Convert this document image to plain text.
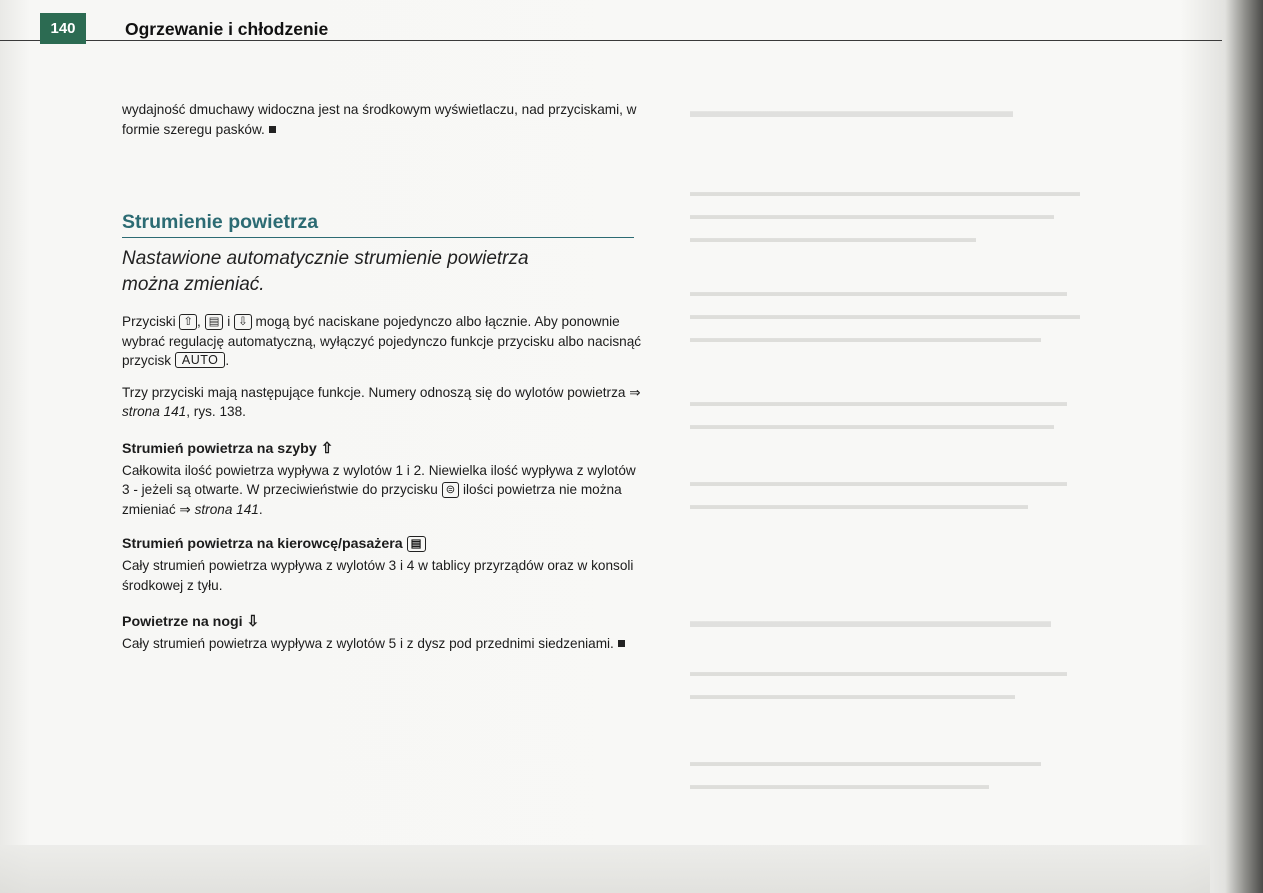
▬▬▬▬▬▬▬▬▬▬▬▬▬▬▬▬▬
▬▬▬▬▬▬▬▬▬▬▬▬▬▬▬▬▬▬▬▬▬▬▬▬▬▬▬▬▬▬
▬▬▬▬▬▬▬▬▬▬▬▬▬▬▬▬▬▬▬▬▬▬▬▬▬▬▬▬
▬▬▬▬▬▬▬▬▬▬▬▬▬▬▬▬▬▬▬▬▬▬
▬▬▬▬▬▬▬▬▬▬▬▬▬▬▬▬▬▬▬▬▬▬▬▬▬▬▬▬▬
▬▬▬▬▬▬▬▬▬▬▬▬▬▬▬▬▬▬▬▬▬▬▬▬▬▬▬▬▬▬
▬▬▬▬▬▬▬▬▬▬▬▬▬▬▬▬▬▬▬▬▬▬▬▬▬▬▬
▬▬▬▬▬▬▬▬▬▬▬▬▬▬▬▬▬▬▬▬▬▬▬▬▬▬▬▬▬
▬▬▬▬▬▬▬▬▬▬▬▬▬▬▬▬▬▬▬▬▬▬▬▬▬▬▬▬
▬▬▬▬▬▬▬▬▬▬▬▬▬▬▬▬▬▬▬▬▬▬▬▬▬▬▬▬▬
▬▬▬▬▬▬▬▬▬▬▬▬▬▬▬▬▬▬▬▬▬▬▬▬▬▬
▬▬▬▬▬▬▬▬▬▬▬▬▬▬▬▬▬▬▬
▬▬▬▬▬▬▬▬▬▬▬▬▬▬▬▬▬▬▬▬▬▬▬▬▬▬▬▬▬
▬▬▬▬▬▬▬▬▬▬▬▬▬▬▬▬▬▬▬▬▬▬▬▬▬
▬▬▬▬▬▬▬▬▬▬▬▬▬▬▬▬▬▬▬▬▬▬▬▬▬▬▬
▬▬▬▬▬▬▬▬▬▬▬▬▬▬▬▬▬▬▬▬▬▬▬
140	Ogrzewanie i chłodzenie

wydajność dmuchawy widoczna jest na środkowym wyświetlaczu, nad przyciskami, w formie szeregu pasków.

Strumienie powietrza
Nastawione automatycznie strumienie powietrza
można zmieniać.

Przyciski ⇧ , ▤ i ⇩ mogą być naciskane pojedynczo albo łącznie. Aby ponownie wybrać regulację automatyczną, wyłączyć pojedynczo funkcje przycisku albo nacisnąć przycisk AUTO .

Trzy przyciski mają następujące funkcje. Numery odnoszą się do wylotów powietrza ⇒ strona 141, rys. 138.

Strumień powietrza na szyby ⇧

Całkowita ilość powietrza wypływa z wylotów 1 i 2. Niewielka ilość wypływa z wylotów 3 - jeżeli są otwarte. W przeciwieństwie do przycisku ⊜ ilości powietrza nie można zmieniać ⇒ strona 141.

Strumień powietrza na kierowcę/pasażera ▤

Cały strumień powietrza wypływa z wylotów 3 i 4 w tablicy przyrządów oraz w konsoli środkowej z tyłu.

Powietrze na nogi ⇩

Cały strumień powietrza wypływa z wylotów 5 i z dysz pod przednimi siedzeniami.
